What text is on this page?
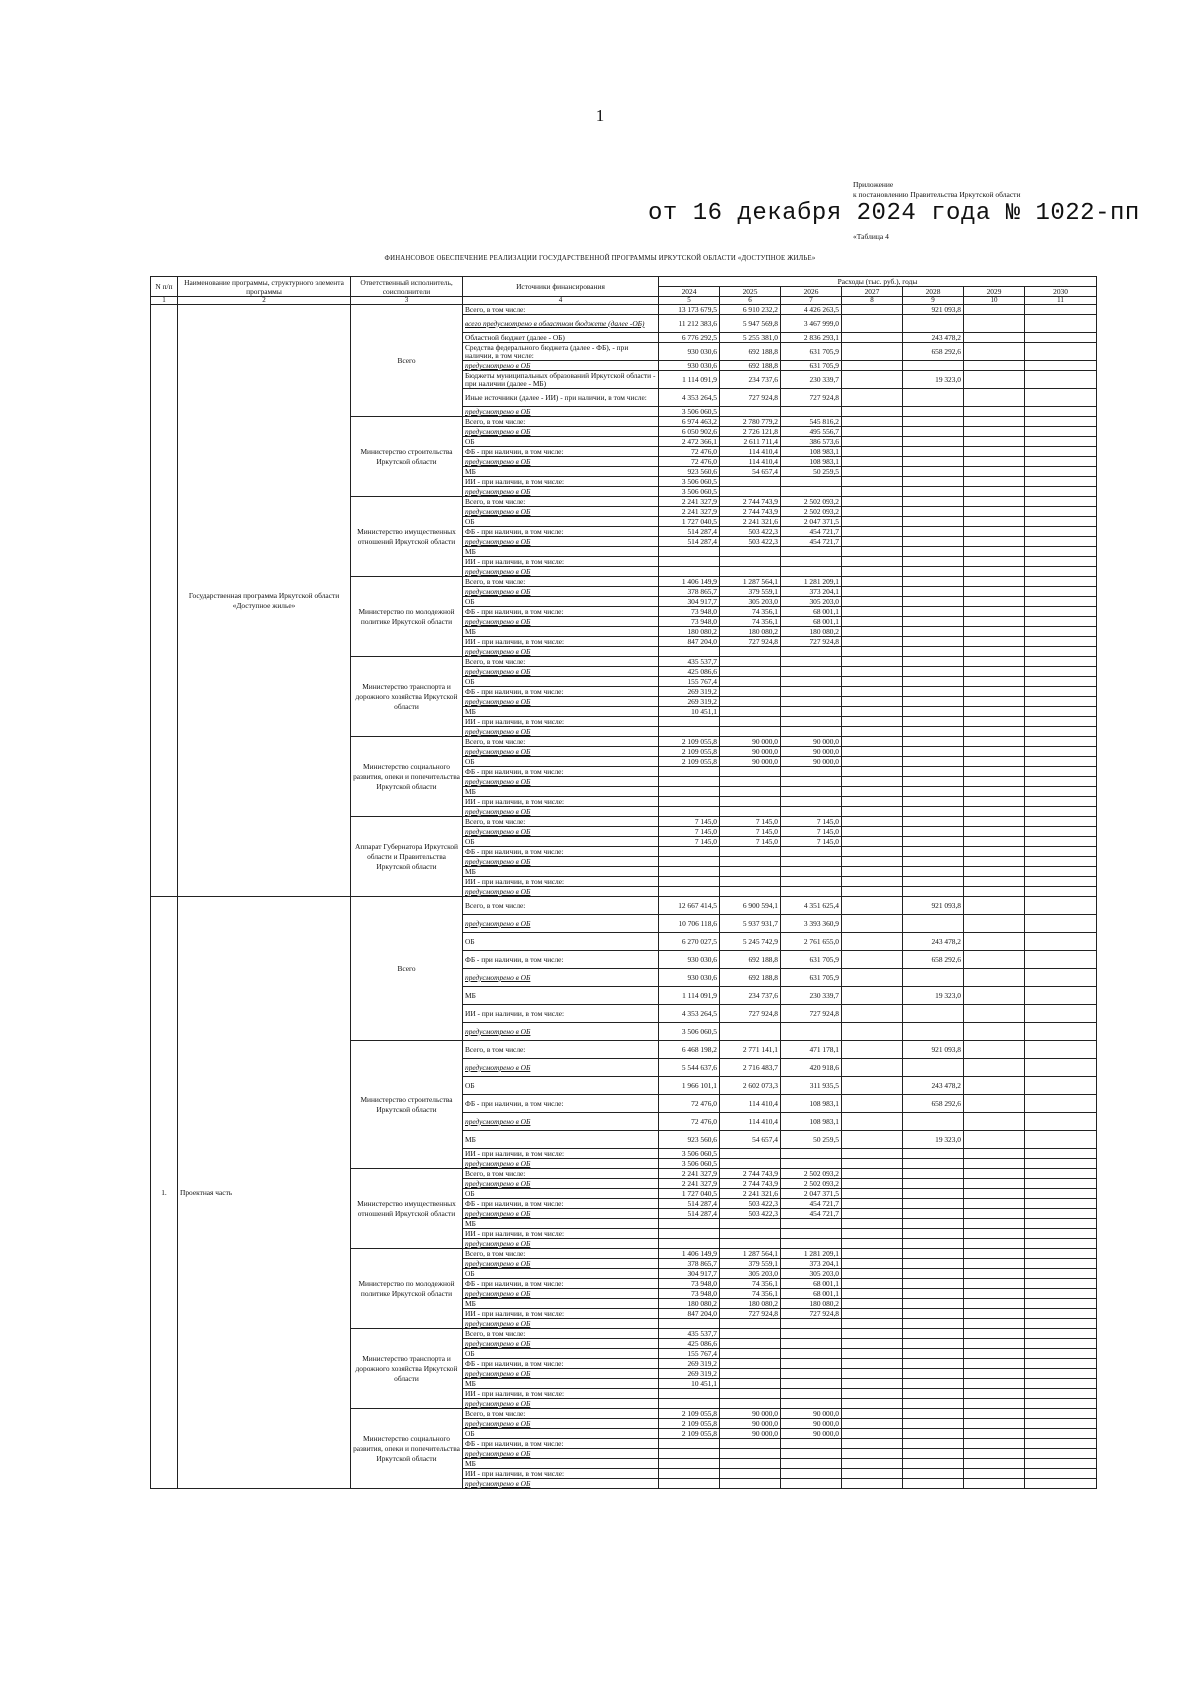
1
Приложение
к постановлению Правительства Иркутской области
от 16 декабря 2024 года № 1022-пп
«Таблица 4
ФИНАНСОВОЕ ОБЕСПЕЧЕНИЕ РЕАЛИЗАЦИИ ГОСУДАРСТВЕННОЙ ПРОГРАММЫ ИРКУТСКОЙ ОБЛАСТИ «ДОСТУПНОЕ ЖИЛЬЕ»
N п/п	Наименование программы, структурного элемента программы	Ответственный исполнитель, соисполнители	Источники финансирования	Расходы (тыс. руб.), годы						
				2024	2025	2026	2027	2028	2029	2030
1	2	3	4	5	6	7	8	9	10	11
	Государственная программа Иркутской области «Доступное жилье»	Всего	Всего, в том числе:	13 173 679,5	6 910 232,2	4 426 263,5		921 093,8		
			всего предусмотрено в областном бюджете (далее -ОБ)	11 212 383,6	5 947 569,8	3 467 999,0				
			Областной бюджет (далее - ОБ)	6 776 292,5	5 255 381,0	2 836 293,1		243 478,2		
			Средства федерального бюджета (далее - ФБ), - при наличии, в том числе:	930 030,6	692 188,8	631 705,9		658 292,6		
			предусмотрено в ОБ	930 030,6	692 188,8	631 705,9				
			Бюджеты муниципальных образований Иркутской области - при наличии (далее - МБ)	1 114 091,9	234 737,6	230 339,7		19 323,0		
			Иные источники (далее - ИИ) - при наличии, в том числе:	4 353 264,5	727 924,8	727 924,8				
			предусмотрено в ОБ	3 506 060,5						
		Министерство строительства Иркутской области	Всего, в том числе:	6 974 463,2	2 780 779,2	545 816,2				
			предусмотрено в ОБ	6 050 902,6	2 726 121,8	495 556,7				
			ОБ	2 472 366,1	2 611 711,4	386 573,6				
			ФБ - при наличии, в том числе:	72 476,0	114 410,4	108 983,1				
			предусмотрено в ОБ	72 476,0	114 410,4	108 983,1				
			МБ	923 560,6	54 657,4	50 259,5				
			ИИ - при наличии, в том числе:	3 506 060,5						
			предусмотрено в ОБ	3 506 060,5						
		Министерство имущественных отношений Иркутской области	Всего, в том числе:	2 241 327,9	2 744 743,9	2 502 093,2				
			предусмотрено в ОБ	2 241 327,9	2 744 743,9	2 502 093,2				
			ОБ	1 727 040,5	2 241 321,6	2 047 371,5				
			ФБ - при наличии, в том числе:	514 287,4	503 422,3	454 721,7				
			предусмотрено в ОБ	514 287,4	503 422,3	454 721,7				
			МБ							
			ИИ - при наличии, в том числе:							
			предусмотрено в ОБ							
		Министерство по молодежной политике Иркутской области	Всего, в том числе:	1 406 149,9	1 287 564,1	1 281 209,1				
			предусмотрено в ОБ	378 865,7	379 559,1	373 204,1				
			ОБ	304 917,7	305 203,0	305 203,0				
			ФБ - при наличии, в том числе:	73 948,0	74 356,1	68 001,1				
			предусмотрено в ОБ	73 948,0	74 356,1	68 001,1				
			МБ	180 080,2	180 080,2	180 080,2				
			ИИ - при наличии, в том числе:	847 204,0	727 924,8	727 924,8				
			предусмотрено в ОБ							
		Министерство транспорта и дорожного хозяйства Иркутской области	Всего, в том числе:	435 537,7						
			предусмотрено в ОБ	425 086,6						
			ОБ	155 767,4						
			ФБ - при наличии, в том числе:	269 319,2						
			предусмотрено в ОБ	269 319,2						
			МБ	10 451,1						
			ИИ - при наличии, в том числе:							
			предусмотрено в ОБ							
		Министерство социального развития, опеки и попечительства Иркутской области	Всего, в том числе:	2 109 055,8	90 000,0	90 000,0				
			предусмотрено в ОБ	2 109 055,8	90 000,0	90 000,0				
			ОБ	2 109 055,8	90 000,0	90 000,0				
			ФБ - при наличии, в том числе:							
			предусмотрено в ОБ							
			МБ							
			ИИ - при наличии, в том числе:							
			предусмотрено в ОБ							
		Аппарат Губернатора Иркутской области и Правительства Иркутской области	Всего, в том числе:	7 145,0	7 145,0	7 145,0				
			предусмотрено в ОБ	7 145,0	7 145,0	7 145,0				
			ОБ	7 145,0	7 145,0	7 145,0				
			ФБ - при наличии, в том числе:							
			предусмотрено в ОБ							
			МБ							
			ИИ - при наличии, в том числе:							
			предусмотрено в ОБ							
1.	Проектная часть	Всего	Всего, в том числе:	12 667 414,5	6 900 594,1	4 351 625,4		921 093,8		
			предусмотрено в ОБ	10 706 118,6	5 937 931,7	3 393 360,9				
			ОБ	6 270 027,5	5 245 742,9	2 761 655,0		243 478,2		
			ФБ - при наличии, в том числе:	930 030,6	692 188,8	631 705,9		658 292,6		
			предусмотрено в ОБ	930 030,6	692 188,8	631 705,9				
			МБ	1 114 091,9	234 737,6	230 339,7		19 323,0		
			ИИ - при наличии, в том числе:	4 353 264,5	727 924,8	727 924,8				
			предусмотрено в ОБ	3 506 060,5						
		Министерство строительства Иркутской области	Всего, в том числе:	6 468 198,2	2 771 141,1	471 178,1		921 093,8		
			предусмотрено в ОБ	5 544 637,6	2 716 483,7	420 918,6				
			ОБ	1 966 101,1	2 602 073,3	311 935,5		243 478,2		
			ФБ - при наличии, в том числе:	72 476,0	114 410,4	108 983,1		658 292,6		
			предусмотрено в ОБ	72 476,0	114 410,4	108 983,1				
			МБ	923 560,6	54 657,4	50 259,5		19 323,0		
			ИИ - при наличии, в том числе:	3 506 060,5						
			предусмотрено в ОБ	3 506 060,5						
		Министерство имущественных отношений Иркутской области	Всего, в том числе:	2 241 327,9	2 744 743,9	2 502 093,2				
			предусмотрено в ОБ	2 241 327,9	2 744 743,9	2 502 093,2				
			ОБ	1 727 040,5	2 241 321,6	2 047 371,5				
			ФБ - при наличии, в том числе:	514 287,4	503 422,3	454 721,7				
			предусмотрено в ОБ	514 287,4	503 422,3	454 721,7				
			МБ							
			ИИ - при наличии, в том числе:							
			предусмотрено в ОБ							
		Министерство по молодежной политике Иркутской области	Всего, в том числе:	1 406 149,9	1 287 564,1	1 281 209,1				
			предусмотрено в ОБ	378 865,7	379 559,1	373 204,1				
			ОБ	304 917,7	305 203,0	305 203,0				
			ФБ - при наличии, в том числе:	73 948,0	74 356,1	68 001,1				
			предусмотрено в ОБ	73 948,0	74 356,1	68 001,1				
			МБ	180 080,2	180 080,2	180 080,2				
			ИИ - при наличии, в том числе:	847 204,0	727 924,8	727 924,8				
			предусмотрено в ОБ							
		Министерство транспорта и дорожного хозяйства Иркутской области	Всего, в том числе:	435 537,7						
			предусмотрено в ОБ	425 086,6						
			ОБ	155 767,4						
			ФБ - при наличии, в том числе:	269 319,2						
			предусмотрено в ОБ	269 319,2						
			МБ	10 451,1						
			ИИ - при наличии, в том числе:							
			предусмотрено в ОБ							
		Министерство социального развития, опеки и попечительства Иркутской области	Всего, в том числе:	2 109 055,8	90 000,0	90 000,0				
			предусмотрено в ОБ	2 109 055,8	90 000,0	90 000,0				
			ОБ	2 109 055,8	90 000,0	90 000,0				
			ФБ - при наличии, в том числе:							
			предусмотрено в ОБ							
			МБ							
			ИИ - при наличии, в том числе:							
			предусмотрено в ОБ							
